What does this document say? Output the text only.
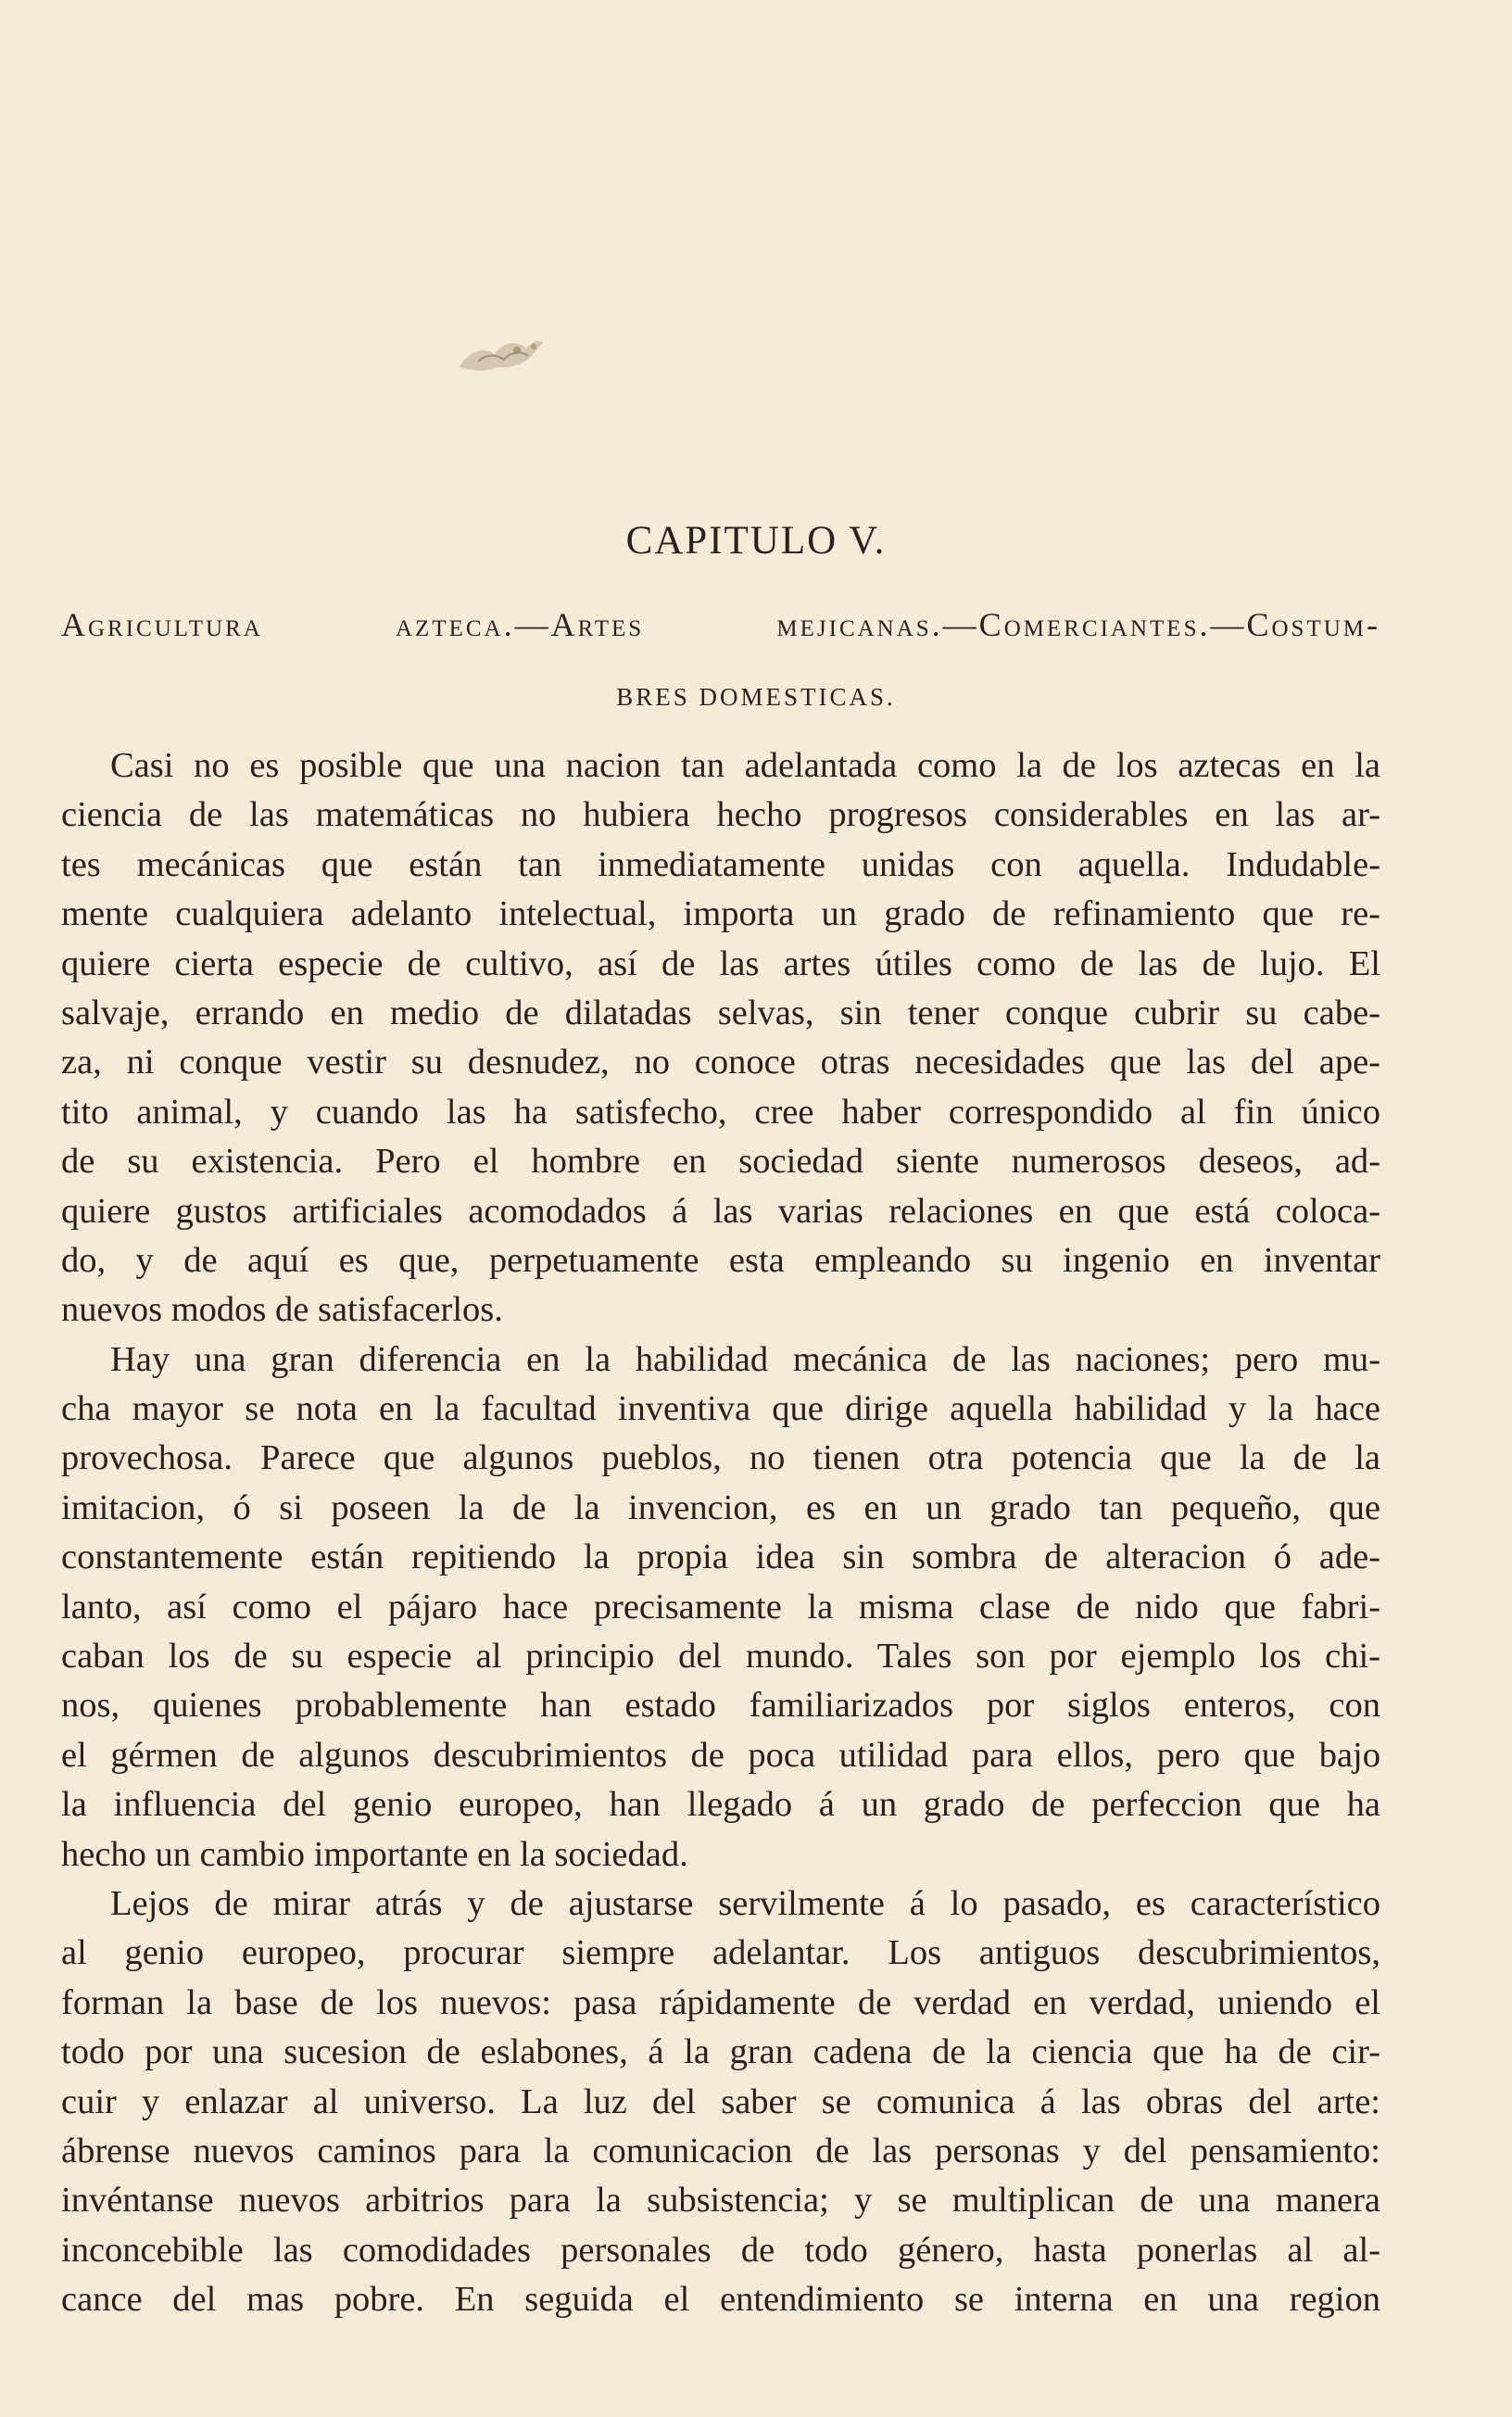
CAPITULO V.
Agricultura azteca.—Artes mejicanas.—Comerciantes.—Costum-
BRES DOMESTICAS.
Casi no es posible que una nacion tan adelantada como la de los aztecas en la
ciencia de las matemáticas no hubiera hecho progresos considerables en las ar-
tes mecánicas que están tan inmediatamente unidas con aquella. Indudable-
mente cualquiera adelanto intelectual, importa un grado de refinamiento que re-
quiere cierta especie de cultivo, así de las artes útiles como de las de lujo. El
salvaje, errando en medio de dilatadas selvas, sin tener conque cubrir su cabe-
za, ni conque vestir su desnudez, no conoce otras necesidades que las del ape-
tito animal, y cuando las ha satisfecho, cree haber correspondido al fin único
de su existencia. Pero el hombre en sociedad siente numerosos deseos, ad-
quiere gustos artificiales acomodados á las varias relaciones en que está coloca-
do, y de aquí es que, perpetuamente esta empleando su ingenio en inventar
nuevos modos de satisfacerlos.
Hay una gran diferencia en la habilidad mecánica de las naciones; pero mu-
cha mayor se nota en la facultad inventiva que dirige aquella habilidad y la hace
provechosa. Parece que algunos pueblos, no tienen otra potencia que la de la
imitacion, ó si poseen la de la invencion, es en un grado tan pequeño, que
constantemente están repitiendo la propia idea sin sombra de alteracion ó ade-
lanto, así como el pájaro hace precisamente la misma clase de nido que fabri-
caban los de su especie al principio del mundo. Tales son por ejemplo los chi-
nos, quienes probablemente han estado familiarizados por siglos enteros, con
el gérmen de algunos descubrimientos de poca utilidad para ellos, pero que bajo
la influencia del genio europeo, han llegado á un grado de perfeccion que ha
hecho un cambio importante en la sociedad.
Lejos de mirar atrás y de ajustarse servilmente á lo pasado, es característico
al genio europeo, procurar siempre adelantar. Los antiguos descubrimientos,
forman la base de los nuevos: pasa rápidamente de verdad en verdad, uniendo el
todo por una sucesion de eslabones, á la gran cadena de la ciencia que ha de cir-
cuir y enlazar al universo. La luz del saber se comunica á las obras del arte:
ábrense nuevos caminos para la comunicacion de las personas y del pensamiento:
invéntanse nuevos arbitrios para la subsistencia; y se multiplican de una manera
inconcebible las comodidades personales de todo género, hasta ponerlas al al-
cance del mas pobre. En seguida el entendimiento se interna en una region
